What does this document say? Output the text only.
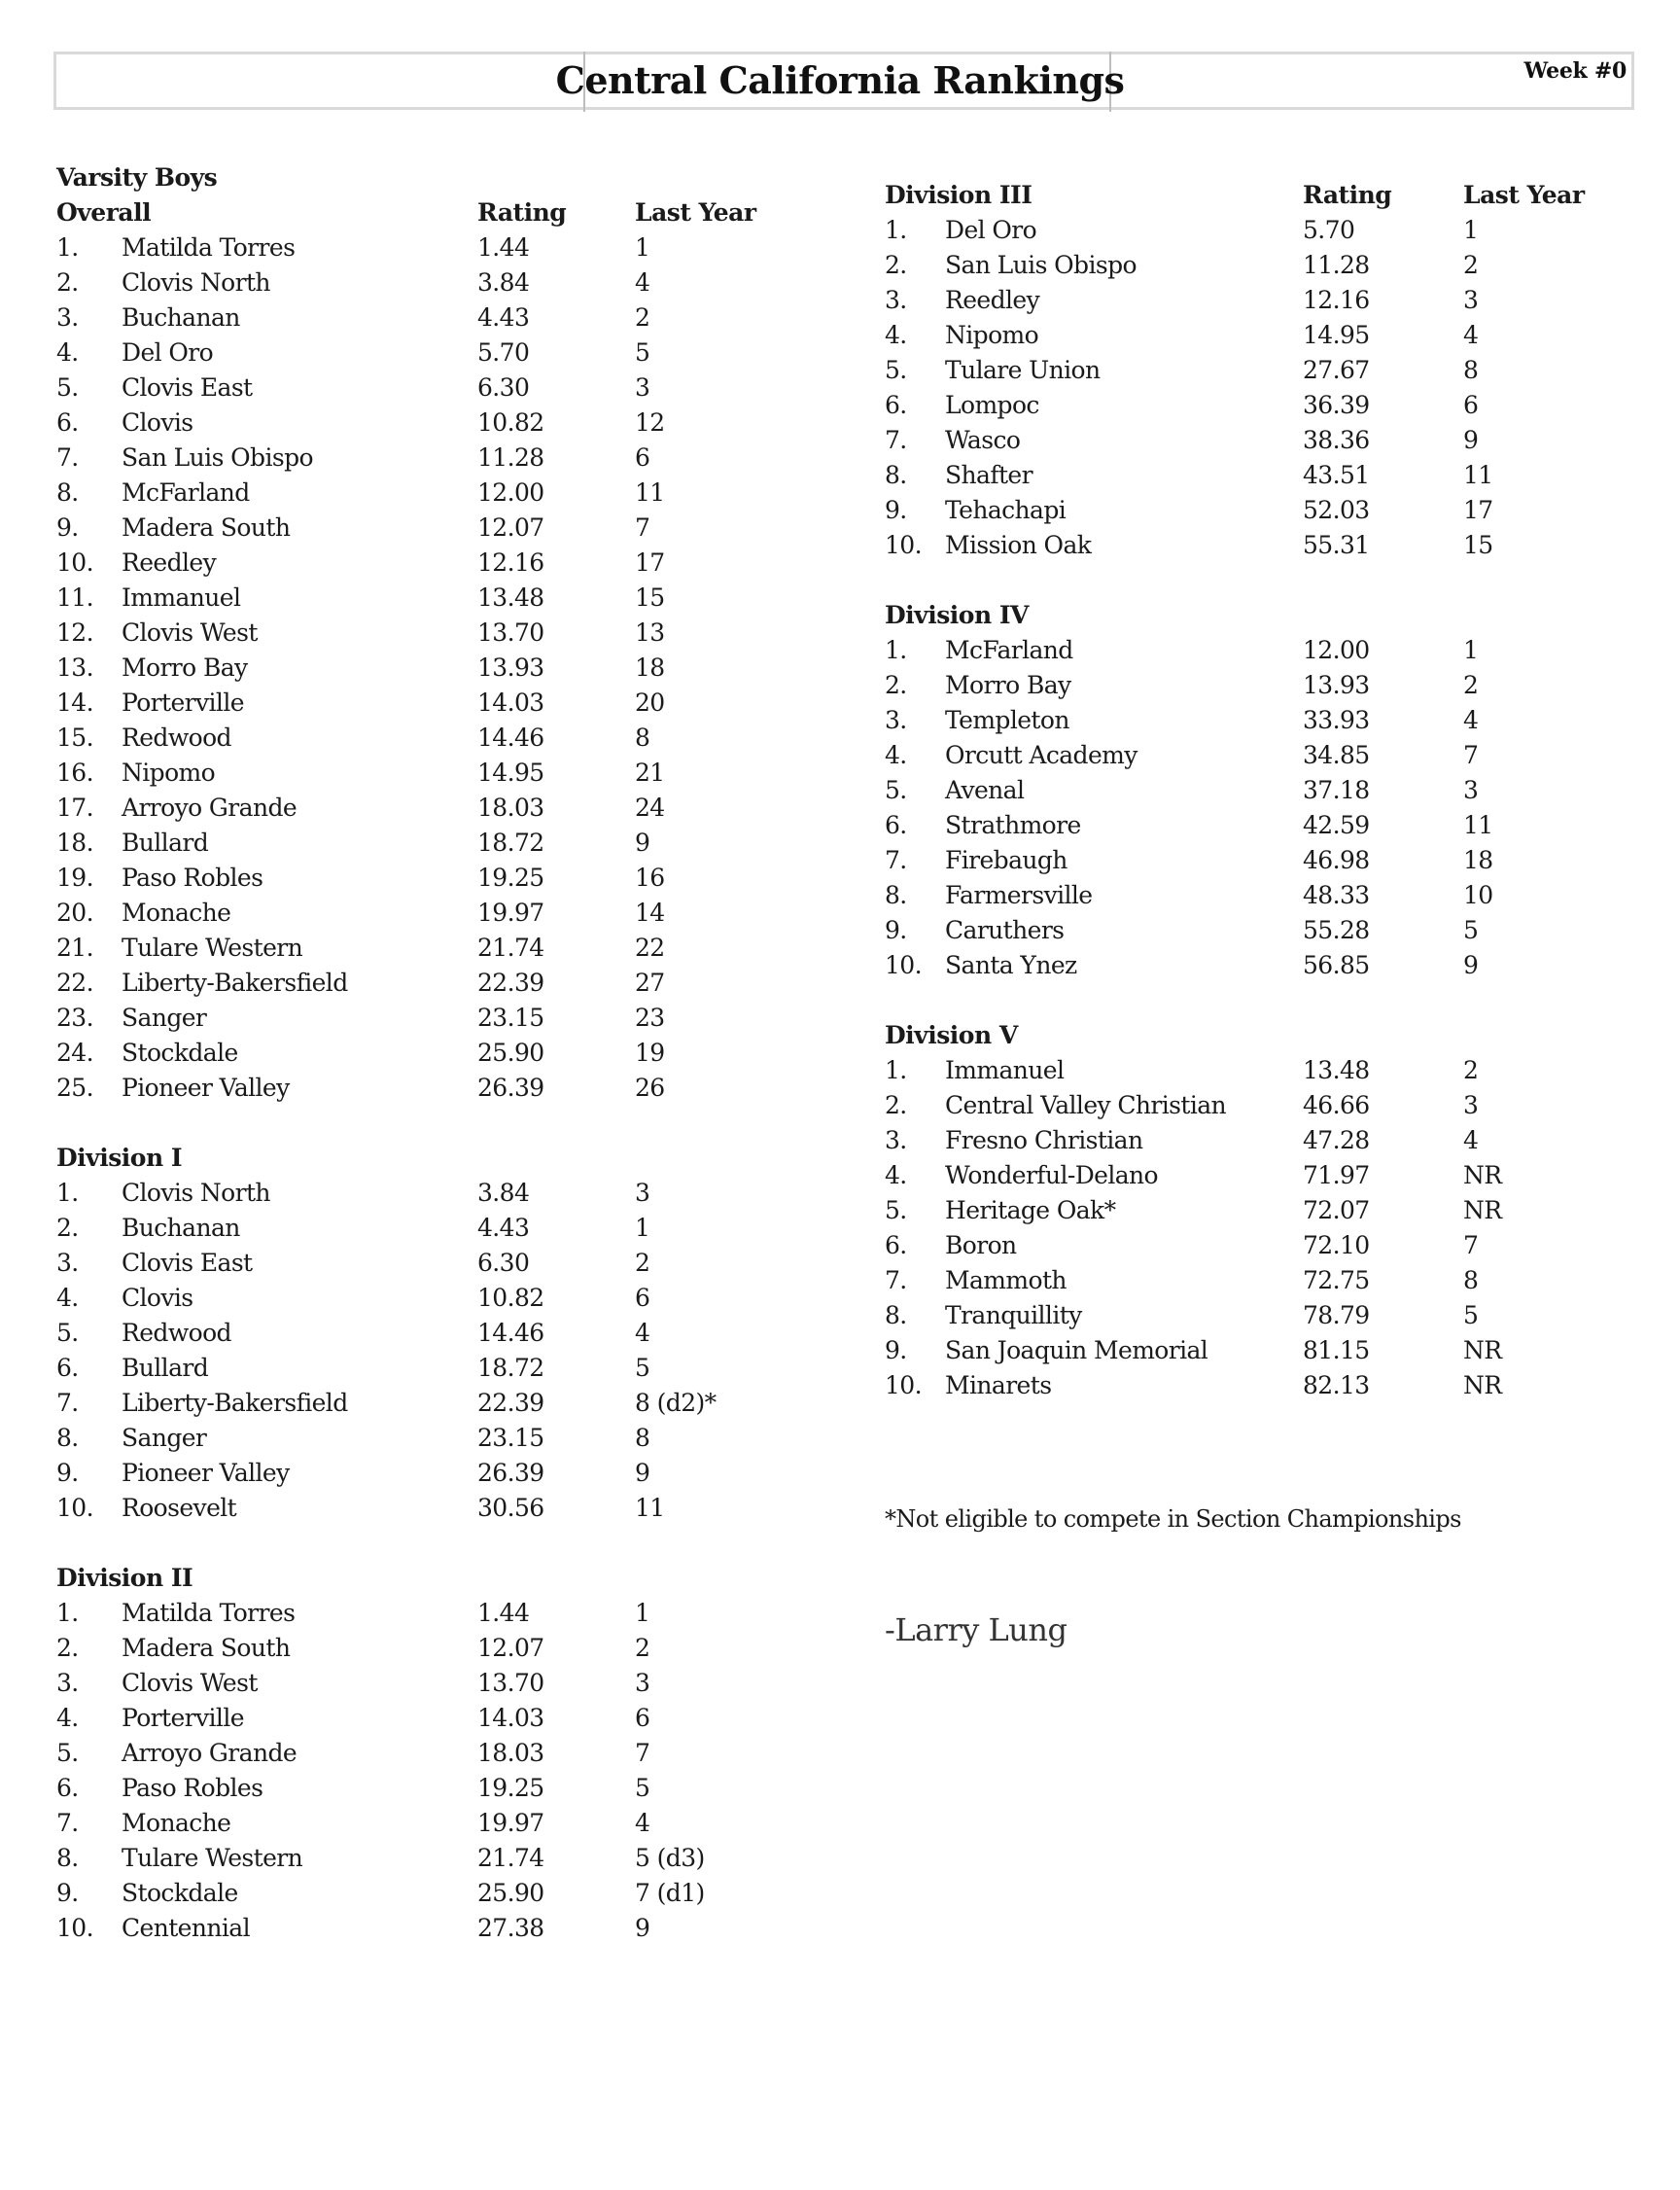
Central California Rankings	Week #0
Varsity Boys
Overall	Rating	Last Year
1. Matilda Torres	1.44	1
2. Clovis North	3.84	4
3. Buchanan	4.43	2
4. Del Oro	5.70	5
5. Clovis East	6.30	3
6. Clovis	10.82	12
7. San Luis Obispo	11.28	6
8. McFarland	12.00	11
9. Madera South	12.07	7
10. Reedley	12.16	17
11. Immanuel	13.48	15
12. Clovis West	13.70	13
13. Morro Bay	13.93	18
14. Porterville	14.03	20
15. Redwood	14.46	8
16. Nipomo	14.95	21
17. Arroyo Grande	18.03	24
18. Bullard	18.72	9
19. Paso Robles	19.25	16
20. Monache	19.97	14
21. Tulare Western	21.74	22
22. Liberty-Bakersfield	22.39	27
23. Sanger	23.15	23
24. Stockdale	25.90	19
25. Pioneer Valley	26.39	26
Division I
1. Clovis North	3.84	3
2. Buchanan	4.43	1
3. Clovis East	6.30	2
4. Clovis	10.82	6
5. Redwood	14.46	4
6. Bullard	18.72	5
7. Liberty-Bakersfield	22.39	8 (d2)*
8. Sanger	23.15	8
9. Pioneer Valley	26.39	9
10. Roosevelt	30.56	11
Division II
1. Matilda Torres	1.44	1
2. Madera South	12.07	2
3. Clovis West	13.70	3
4. Porterville	14.03	6
5. Arroyo Grande	18.03	7
6. Paso Robles	19.25	5
7. Monache	19.97	4
8. Tulare Western	21.74	5 (d3)
9. Stockdale	25.90	7 (d1)
10. Centennial	27.38	9
Division III	Rating	Last Year
1. Del Oro	5.70	1
2. San Luis Obispo	11.28	2
3. Reedley	12.16	3
4. Nipomo	14.95	4
5. Tulare Union	27.67	8
6. Lompoc	36.39	6
7. Wasco	38.36	9
8. Shafter	43.51	11
9. Tehachapi	52.03	17
10. Mission Oak	55.31	15
Division IV
1. McFarland	12.00	1
2. Morro Bay	13.93	2
3. Templeton	33.93	4
4. Orcutt Academy	34.85	7
5. Avenal	37.18	3
6. Strathmore	42.59	11
7. Firebaugh	46.98	18
8. Farmersville	48.33	10
9. Caruthers	55.28	5
10. Santa Ynez	56.85	9
Division V
1. Immanuel	13.48	2
2. Central Valley Christian	46.66	3
3. Fresno Christian	47.28	4
4. Wonderful-Delano	71.97	NR
5. Heritage Oak*	72.07	NR
6. Boron	72.10	7
7. Mammoth	72.75	8
8. Tranquillity	78.79	5
9. San Joaquin Memorial	81.15	NR
10. Minarets	82.13	NR
*Not eligible to compete in Section Championships
-Larry Lung
